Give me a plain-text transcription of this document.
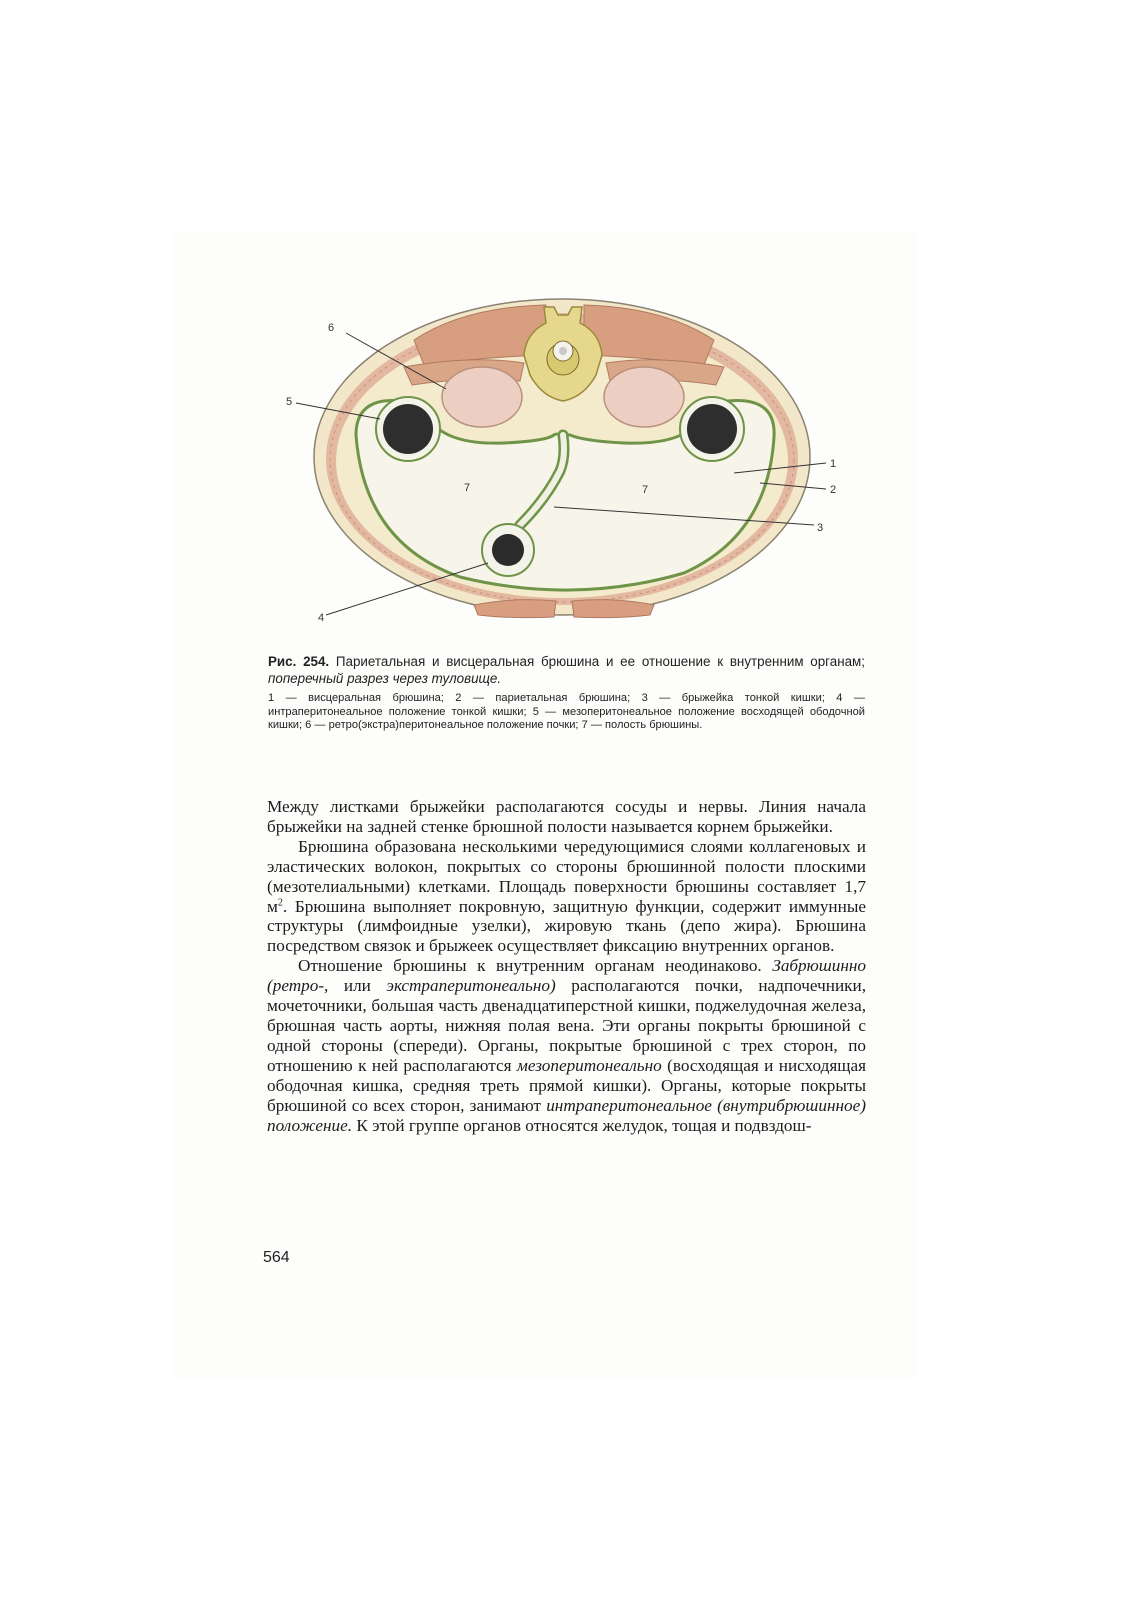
6
5
1
2
3
4
7	7

Рис. 254. Париетальная и висцеральная брюшина и ее отношение к внутренним органам; поперечный разрез через туловище.

1 — висцеральная брюшина; 2 — париетальная брюшина; 3 — брыжейка тонкой кишки; 4 — интраперитонеальное положение тонкой кишки; 5 — мезоперитонеальное положение восходящей ободочной кишки; 6 — ретро(экстра)перитонеальное положение почки; 7 — полость брюшины.

Между листками брыжейки располагаются сосуды и нервы. Линия начала брыжейки на задней стенке брюшной полости называется корнем брыжейки.

Брюшина образована несколькими чередующимися слоями коллагеновых и эластических волокон, покрытых со стороны брюшинной полости плоскими (мезотелиальными) клетками. Площадь поверхности брюшины составляет 1,7 $м^2$. Брюшина выполняет покровную, защитную функции, содержит иммунные структуры (лимфоидные узелки), жировую ткань (депо жира). Брюшина посредством связок и брыжеек осуществляет фиксацию внутренних органов.

Отношение брюшины к внутренним органам неодинаково. Забрюшинно (ретро-, или экстраперитонеально) располагаются почки, надпочечники, мочеточники, большая часть двенадцатиперстной кишки, поджелудочная железа, брюшная часть аорты, нижняя полая вена. Эти органы покрыты брюшиной с одной стороны (спереди). Органы, покрытые брюшиной с трех сторон, по отношению к ней располагаются мезоперитонеально (восходящая и нисходящая ободочная кишка, средняя треть прямой кишки). Органы, которые покрыты брюшиной со всех сторон, занимают интраперитонеальное (внутрибрюшинное) положение. К этой группе органов относятся желудок, тощая и подвздош-

564
